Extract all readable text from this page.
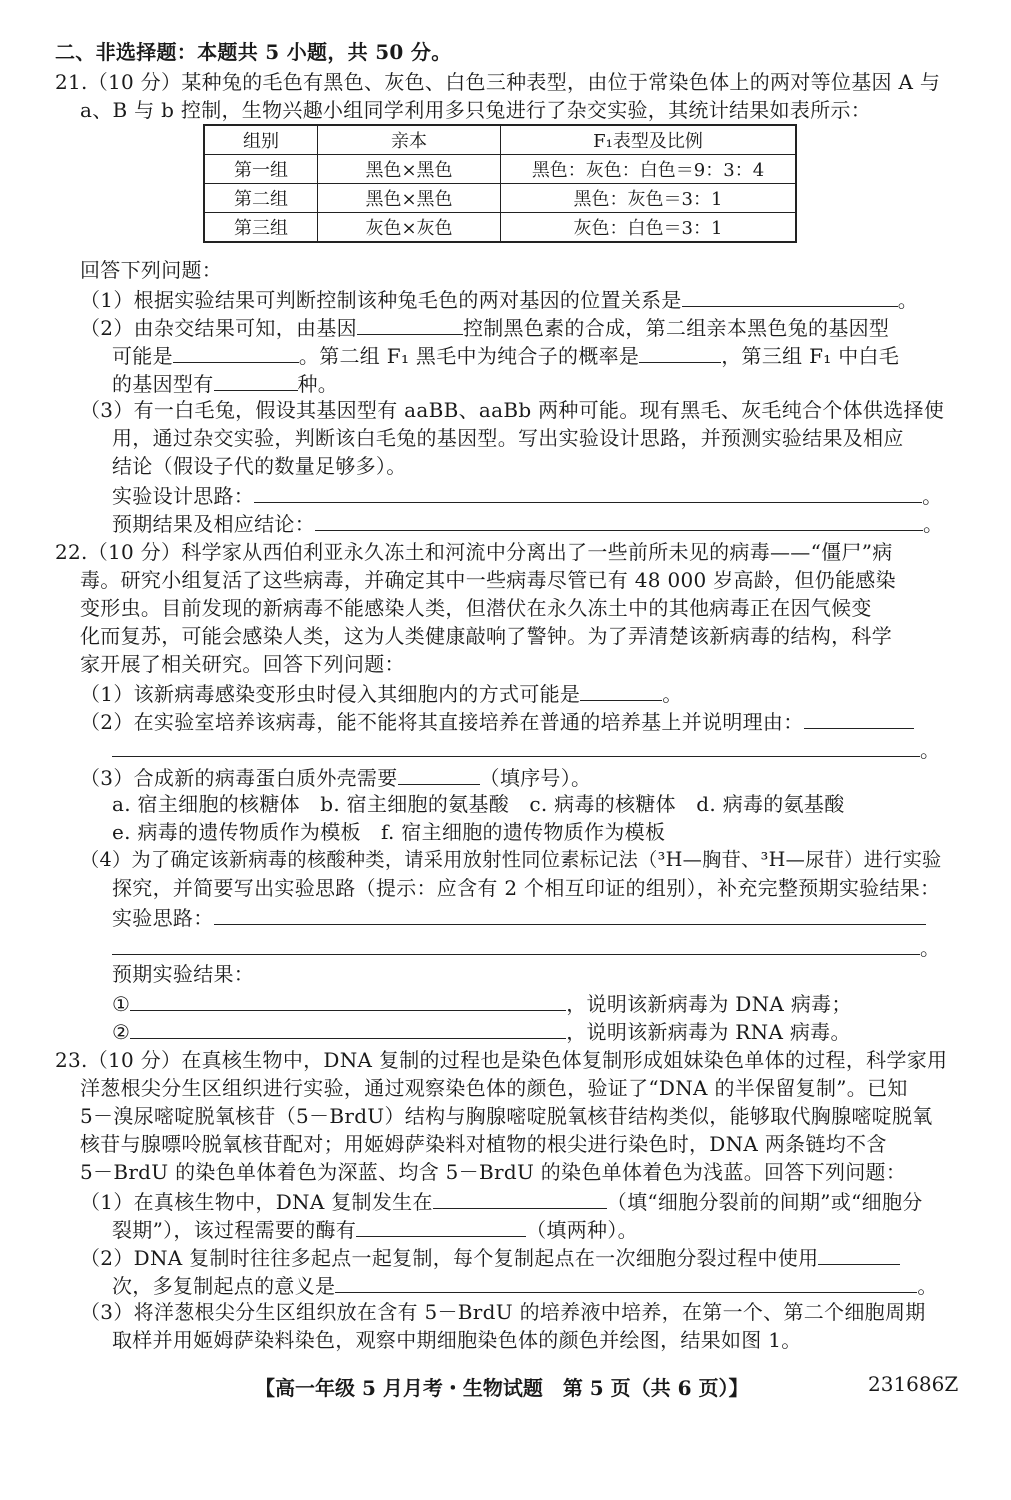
二、非选择题：本题共 5 小题，共 50 分。
21.（10 分）某种兔的毛色有黑色、灰色、白色三种表型，由位于常染色体上的两对等位基因 A 与
a、B 与 b 控制，生物兴趣小组同学利用多只兔进行了杂交实验，其统计结果如表所示：
组别	亲本	F₁表型及比例
第一组	黑色×黑色	黑色：灰色：白色＝9：3：4
第二组	黑色×黑色	黑色：灰色＝3：1
第三组	灰色×灰色	灰色：白色＝3：1
回答下列问题：
（1）根据实验结果可判断控制该种兔毛色的两对基因的位置关系是	。
（2）由杂交结果可知，由基因	控制黑色素的合成，第二组亲本黑色兔的基因型
可能是	。第二组 F₁ 黑毛中为纯合子的概率是	，第三组 F₁ 中白毛
的基因型有	种。
（3）有一白毛兔，假设其基因型有 aaBB、aaBb 两种可能。现有黑毛、灰毛纯合个体供选择使
用，通过杂交实验，判断该白毛兔的基因型。写出实验设计思路，并预测实验结果及相应
结论（假设子代的数量足够多）。
实验设计思路：	。
预期结果及相应结论：	。
22.（10 分）科学家从西伯利亚永久冻土和河流中分离出了一些前所未见的病毒——“僵尸”病
毒。研究小组复活了这些病毒，并确定其中一些病毒尽管已有 48 000 岁高龄，但仍能感染
变形虫。目前发现的新病毒不能感染人类，但潜伏在永久冻土中的其他病毒正在因气候变
化而复苏，可能会感染人类，这为人类健康敲响了警钟。为了弄清楚该新病毒的结构，科学
家开展了相关研究。回答下列问题：
（1）该新病毒感染变形虫时侵入其细胞内的方式可能是	。
（2）在实验室培养该病毒，能不能将其直接培养在普通的培养基上并说明理由：
。
（3）合成新的病毒蛋白质外壳需要	（填序号）。
a. 宿主细胞的核糖体　b. 宿主细胞的氨基酸　c. 病毒的核糖体　d. 病毒的氨基酸
e. 病毒的遗传物质作为模板　f. 宿主细胞的遗传物质作为模板
（4）为了确定该新病毒的核酸种类，请采用放射性同位素标记法（³H—胸苷、³H—尿苷）进行实验
探究，并简要写出实验思路（提示：应含有 2 个相互印证的组别），补充完整预期实验结果：
实验思路：
。
预期实验结果：
①	，说明该新病毒为 DNA 病毒；
②	，说明该新病毒为 RNA 病毒。
23.（10 分）在真核生物中，DNA 复制的过程也是染色体复制形成姐妹染色单体的过程，科学家用
洋葱根尖分生区组织进行实验，通过观察染色体的颜色，验证了“DNA 的半保留复制”。已知
5－溴尿嘧啶脱氧核苷（5－BrdU）结构与胸腺嘧啶脱氧核苷结构类似，能够取代胸腺嘧啶脱氧
核苷与腺嘌呤脱氧核苷配对；用姬姆萨染料对植物的根尖进行染色时，DNA 两条链均不含
5－BrdU 的染色单体着色为深蓝、均含 5－BrdU 的染色单体着色为浅蓝。回答下列问题：
（1）在真核生物中，DNA 复制发生在	（填“细胞分裂前的间期”或“细胞分
裂期”），该过程需要的酶有	（填两种）。
（2）DNA 复制时往往多起点一起复制，每个复制起点在一次细胞分裂过程中使用
次，多复制起点的意义是	。
（3）将洋葱根尖分生区组织放在含有 5－BrdU 的培养液中培养，在第一个、第二个细胞周期
取样并用姬姆萨染料染色，观察中期细胞染色体的颜色并绘图，结果如图 1。
【高一年级 5 月月考・生物试题　第 5 页（共 6 页）】	231686Z
